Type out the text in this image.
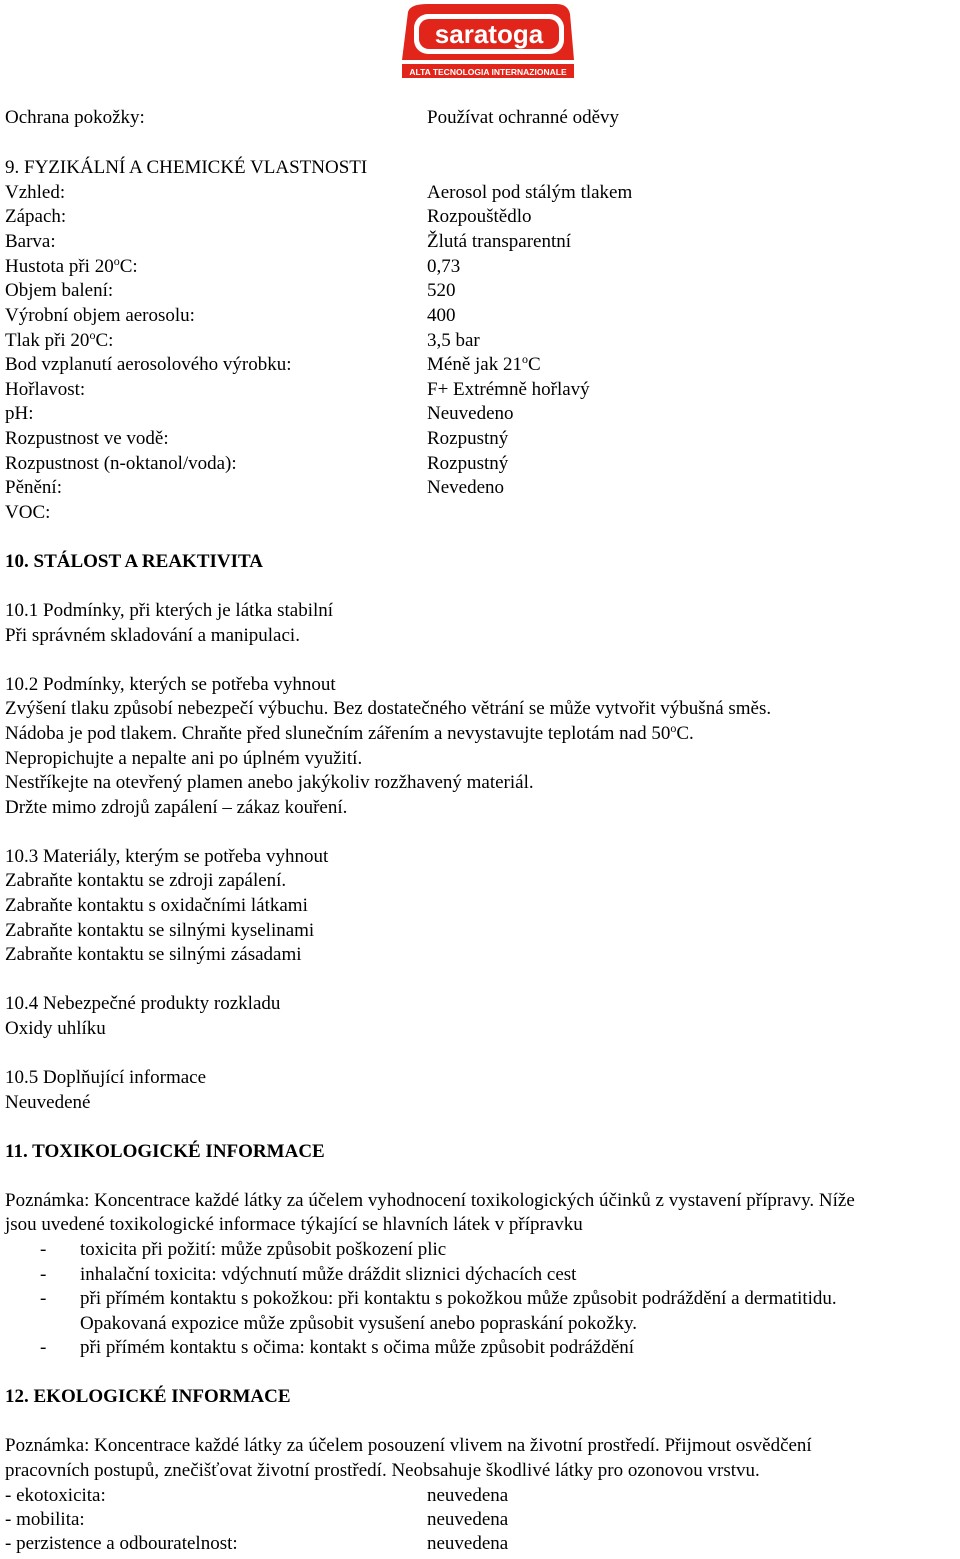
saratoga
ALTA TECNOLOGIA INTERNAZIONALE
Ochrana pokožky:	Používat ochranné oděvy
9. FYZIKÁLNÍ A CHEMICKÉ VLASTNOSTI
Vzhled:	Aerosol pod stálým tlakem
Zápach:	Rozpouštědlo
Barva:	Žlutá transparentní
Hustota při 20$^o$C:	0,73
Objem balení:	520
Výrobní objem aerosolu:	400
Tlak při 20$^o$C:	3,5 bar
Bod vzplanutí aerosolového výrobku:	Méně jak 21$^o$C
Hořlavost:	F+ Extrémně hořlavý
pH:	Neuvedeno
Rozpustnost ve vodě:	Rozpustný
Rozpustnost (n-oktanol/voda):	Rozpustný
Pěnění:	Nevedeno
VOC:
10. STÁLOST A REAKTIVITA
10.1 Podmínky, při kterých je látka stabilní
Při správném skladování a manipulaci.
10.2 Podmínky, kterých se potřeba vyhnout
Zvýšení tlaku způsobí nebezpečí výbuchu. Bez dostatečného větrání se může vytvořit výbušná směs.
Nádoba je pod tlakem. Chraňte před slunečním zářením a nevystavujte teplotám nad 50$^o$C.
Nepropichujte a nepalte ani po úplném využití.
Nestříkejte na otevřený plamen anebo jakýkoliv rozžhavený materiál.
Držte mimo zdrojů zapálení – zákaz kouření.
10.3 Materiály, kterým se potřeba vyhnout
Zabraňte kontaktu se zdroji zapálení.
Zabraňte kontaktu s oxidačními látkami
Zabraňte kontaktu se silnými kyselinami
Zabraňte kontaktu se silnými zásadami
10.4 Nebezpečné produkty rozkladu
Oxidy uhlíku
10.5 Doplňující informace
Neuvedené
11. TOXIKOLOGICKÉ INFORMACE
Poznámka: Koncentrace každé látky za účelem vyhodnocení toxikologických účinků z vystavení přípravy. Níže
jsou uvedené toxikologické informace týkající se hlavních látek v přípravku
- toxicita při požití: může způsobit poškození plic
- inhalační toxicita: vdýchnutí může dráždit sliznici dýchacích cest
- při přímém kontaktu s pokožkou: při kontaktu s pokožkou může způsobit podráždění a dermatitidu.
Opakovaná expozice může způsobit vysušení anebo popraskání pokožky.
- při přímém kontaktu s očima: kontakt s očima může způsobit podráždění
12. EKOLOGICKÉ INFORMACE
Poznámka: Koncentrace každé látky za účelem posouzení vlivem na životní prostředí. Přijmout osvědčení
pracovních postupů, znečišťovat životní prostředí. Neobsahuje škodlivé látky pro ozonovou vrstvu.
- ekotoxicita:	neuvedena
- mobilita:	neuvedena
- perzistence a odbouratelnost:	neuvedena
